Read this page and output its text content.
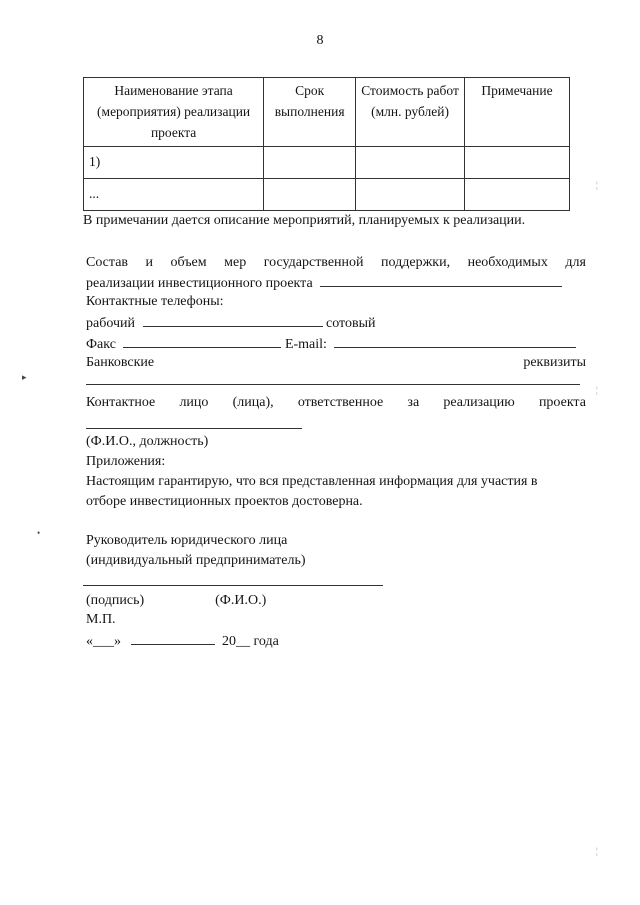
8
Наименование этапа (мероприятия) реализации проекта	Срок выполнения	Стоимость работ (млн. рублей)	Примечание
1)			
...			
В примечании дается описание мероприятий, планируемых к реализации.
Состав и объем мер государственной поддержки, необходимых для
реализации инвестиционного проекта
Контактные телефоны:
рабочий	сотовый
Факс	E-mail:
Банковские	реквизиты
Контактное лицо (лица), ответственное за реализацию проекта
(Ф.И.О., должность)
Приложения:
Настоящим гарантирую, что вся представленная информация для участия в
отборе инвестиционных проектов достоверна.
Руководитель юридического лица
(индивидуальный предприниматель)
(подпись)	(Ф.И.О.)
М.П.
«___»	20__ года
▸
•
¦
¦
¦
